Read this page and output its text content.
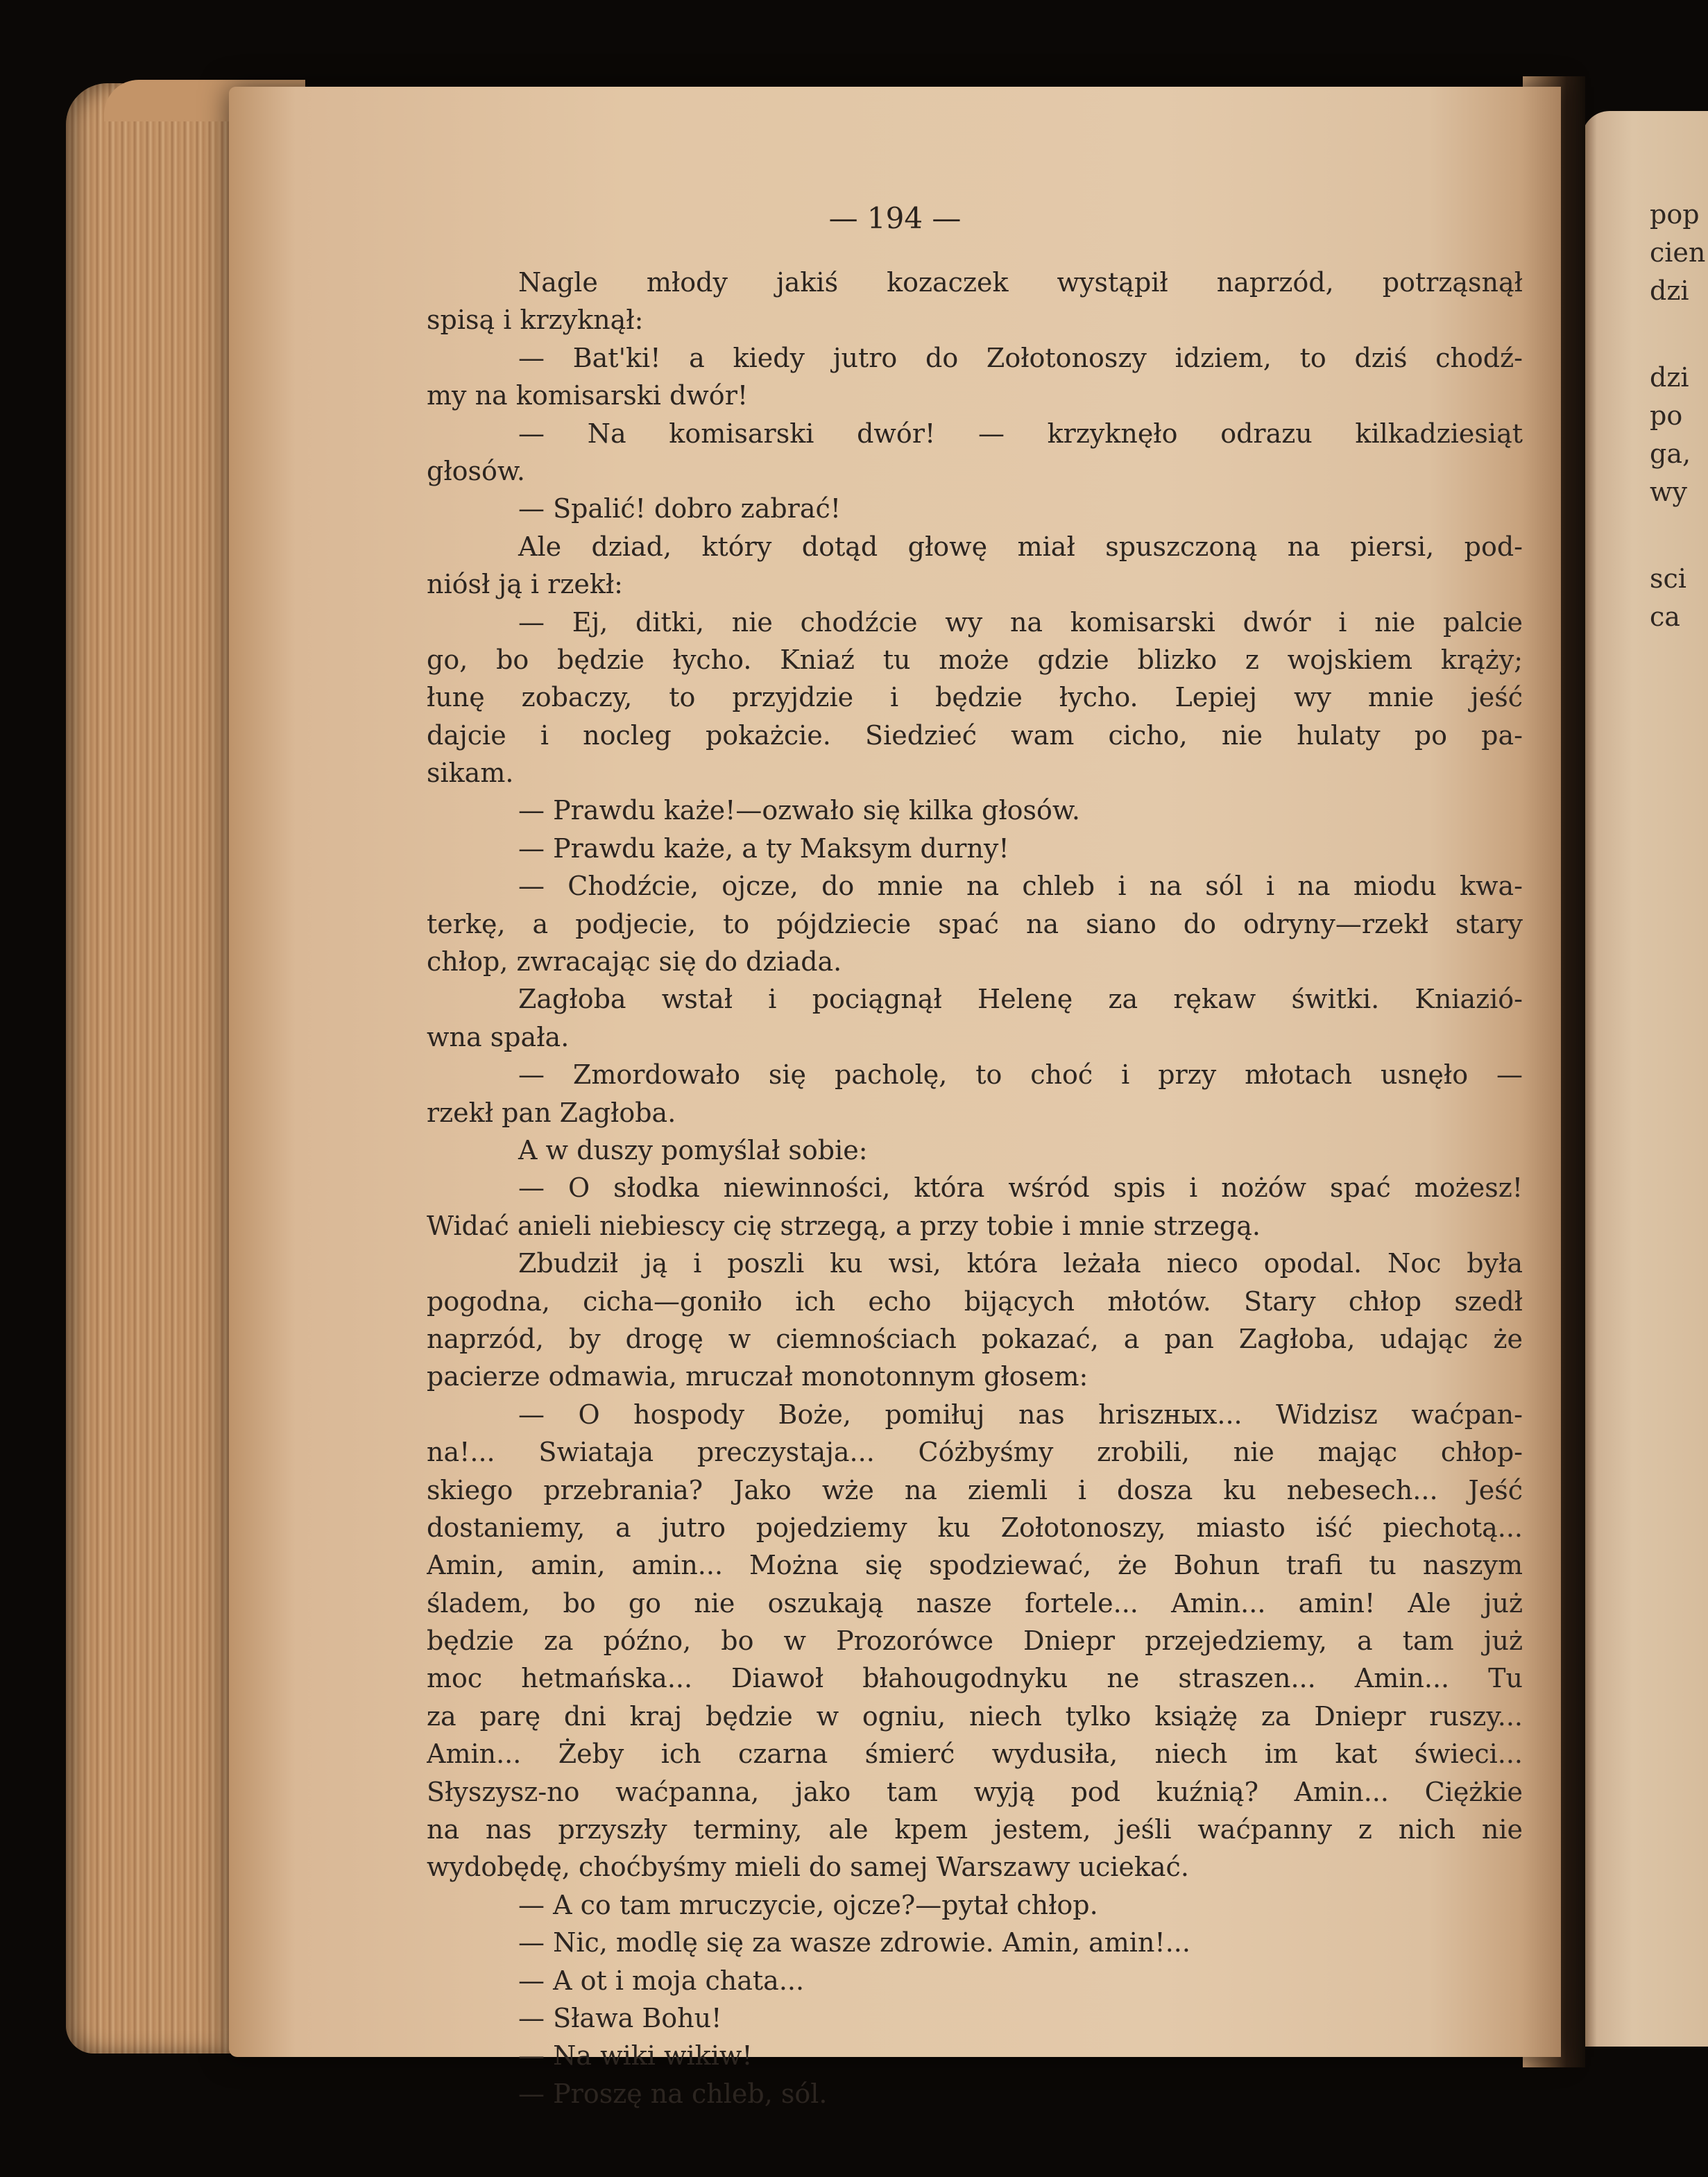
pop
cien
dzi
dzi
po
ga,
wy
sci
ca
— 194 —
Nagle młody jakiś kozaczek wystąpił naprzód, potrząsnął
spisą i krzyknął:
— Bat'ki! a kiedy jutro do Zołotonoszy idziem, to dziś chodź-
my na komisarski dwór!
— Na komisarski dwór! — krzyknęło odrazu kilkadziesiąt
głosów.
— Spalić! dobro zabrać!
Ale dziad, który dotąd głowę miał spuszczoną na piersi, pod-
niósł ją i rzekł:
— Ej, ditki, nie chodźcie wy na komisarski dwór i nie palcie
go, bo będzie łycho. Kniaź tu może gdzie blizko z wojskiem krąży;
łunę zobaczy, to przyjdzie i będzie łycho. Lepiej wy mnie jeść
dajcie i nocleg pokażcie. Siedzieć wam cicho, nie hulaty po pa-
sikam.
— Prawdu każe!—ozwało się kilka głosów.
— Prawdu każe, a ty Maksym durny!
— Chodźcie, ojcze, do mnie na chleb i na sól i na miodu kwa-
terkę, a podjecie, to pójdziecie spać na siano do odryny—rzekł stary
chłop, zwracając się do dziada.
Zagłoba wstał i pociągnął Helenę za rękaw świtki. Kniazió-
wna spała.
— Zmordowało się pacholę, to choć i przy młotach usnęło —
rzekł pan Zagłoba.
A w duszy pomyślał sobie:
— O słodka niewinności, która wśród spis i nożów spać możesz!
Widać anieli niebiescy cię strzegą, a przy tobie i mnie strzegą.
Zbudził ją i poszli ku wsi, która leżała nieco opodal. Noc była
pogodna, cicha—goniło ich echo bijących młotów. Stary chłop szedł
naprzód, by drogę w ciemnościach pokazać, a pan Zagłoba, udając że
pacierze odmawia, mruczał monotonnym głosem:
— O hospody Boże, pomiłuj nas hriszных... Widzisz waćpan-
na!... Swiataja preczystaja... Cóżbyśmy zrobili, nie mając chłop-
skiego przebrania? Jako wże na ziemli i dosza ku nebesech... Jeść
dostaniemy, a jutro pojedziemy ku Zołotonoszy, miasto iść piechotą...
Amin, amin, amin... Można się spodziewać, że Bohun trafi tu naszym
śladem, bo go nie oszukają nasze fortele... Amin... amin! Ale już
będzie za późno, bo w Prozorówce Dniepr przejedziemy, a tam już
moc hetmańska... Diawoł błahougodnyku ne straszen... Amin... Tu
za parę dni kraj będzie w ogniu, niech tylko książę za Dniepr ruszy...
Amin... Żeby ich czarna śmierć wydusiła, niech im kat świeci...
Słyszysz-no waćpanna, jako tam wyją pod kuźnią? Amin... Ciężkie
na nas przyszły terminy, ale kpem jestem, jeśli waćpanny z nich nie
wydobędę, choćbyśmy mieli do samej Warszawy uciekać.
— A co tam mruczycie, ojcze?—pytał chłop.
— Nic, modlę się za wasze zdrowie. Amin, amin!...
— A ot i moja chata...
— Sława Bohu!
— Na wiki wikiw!
— Proszę na chleb, sól.
